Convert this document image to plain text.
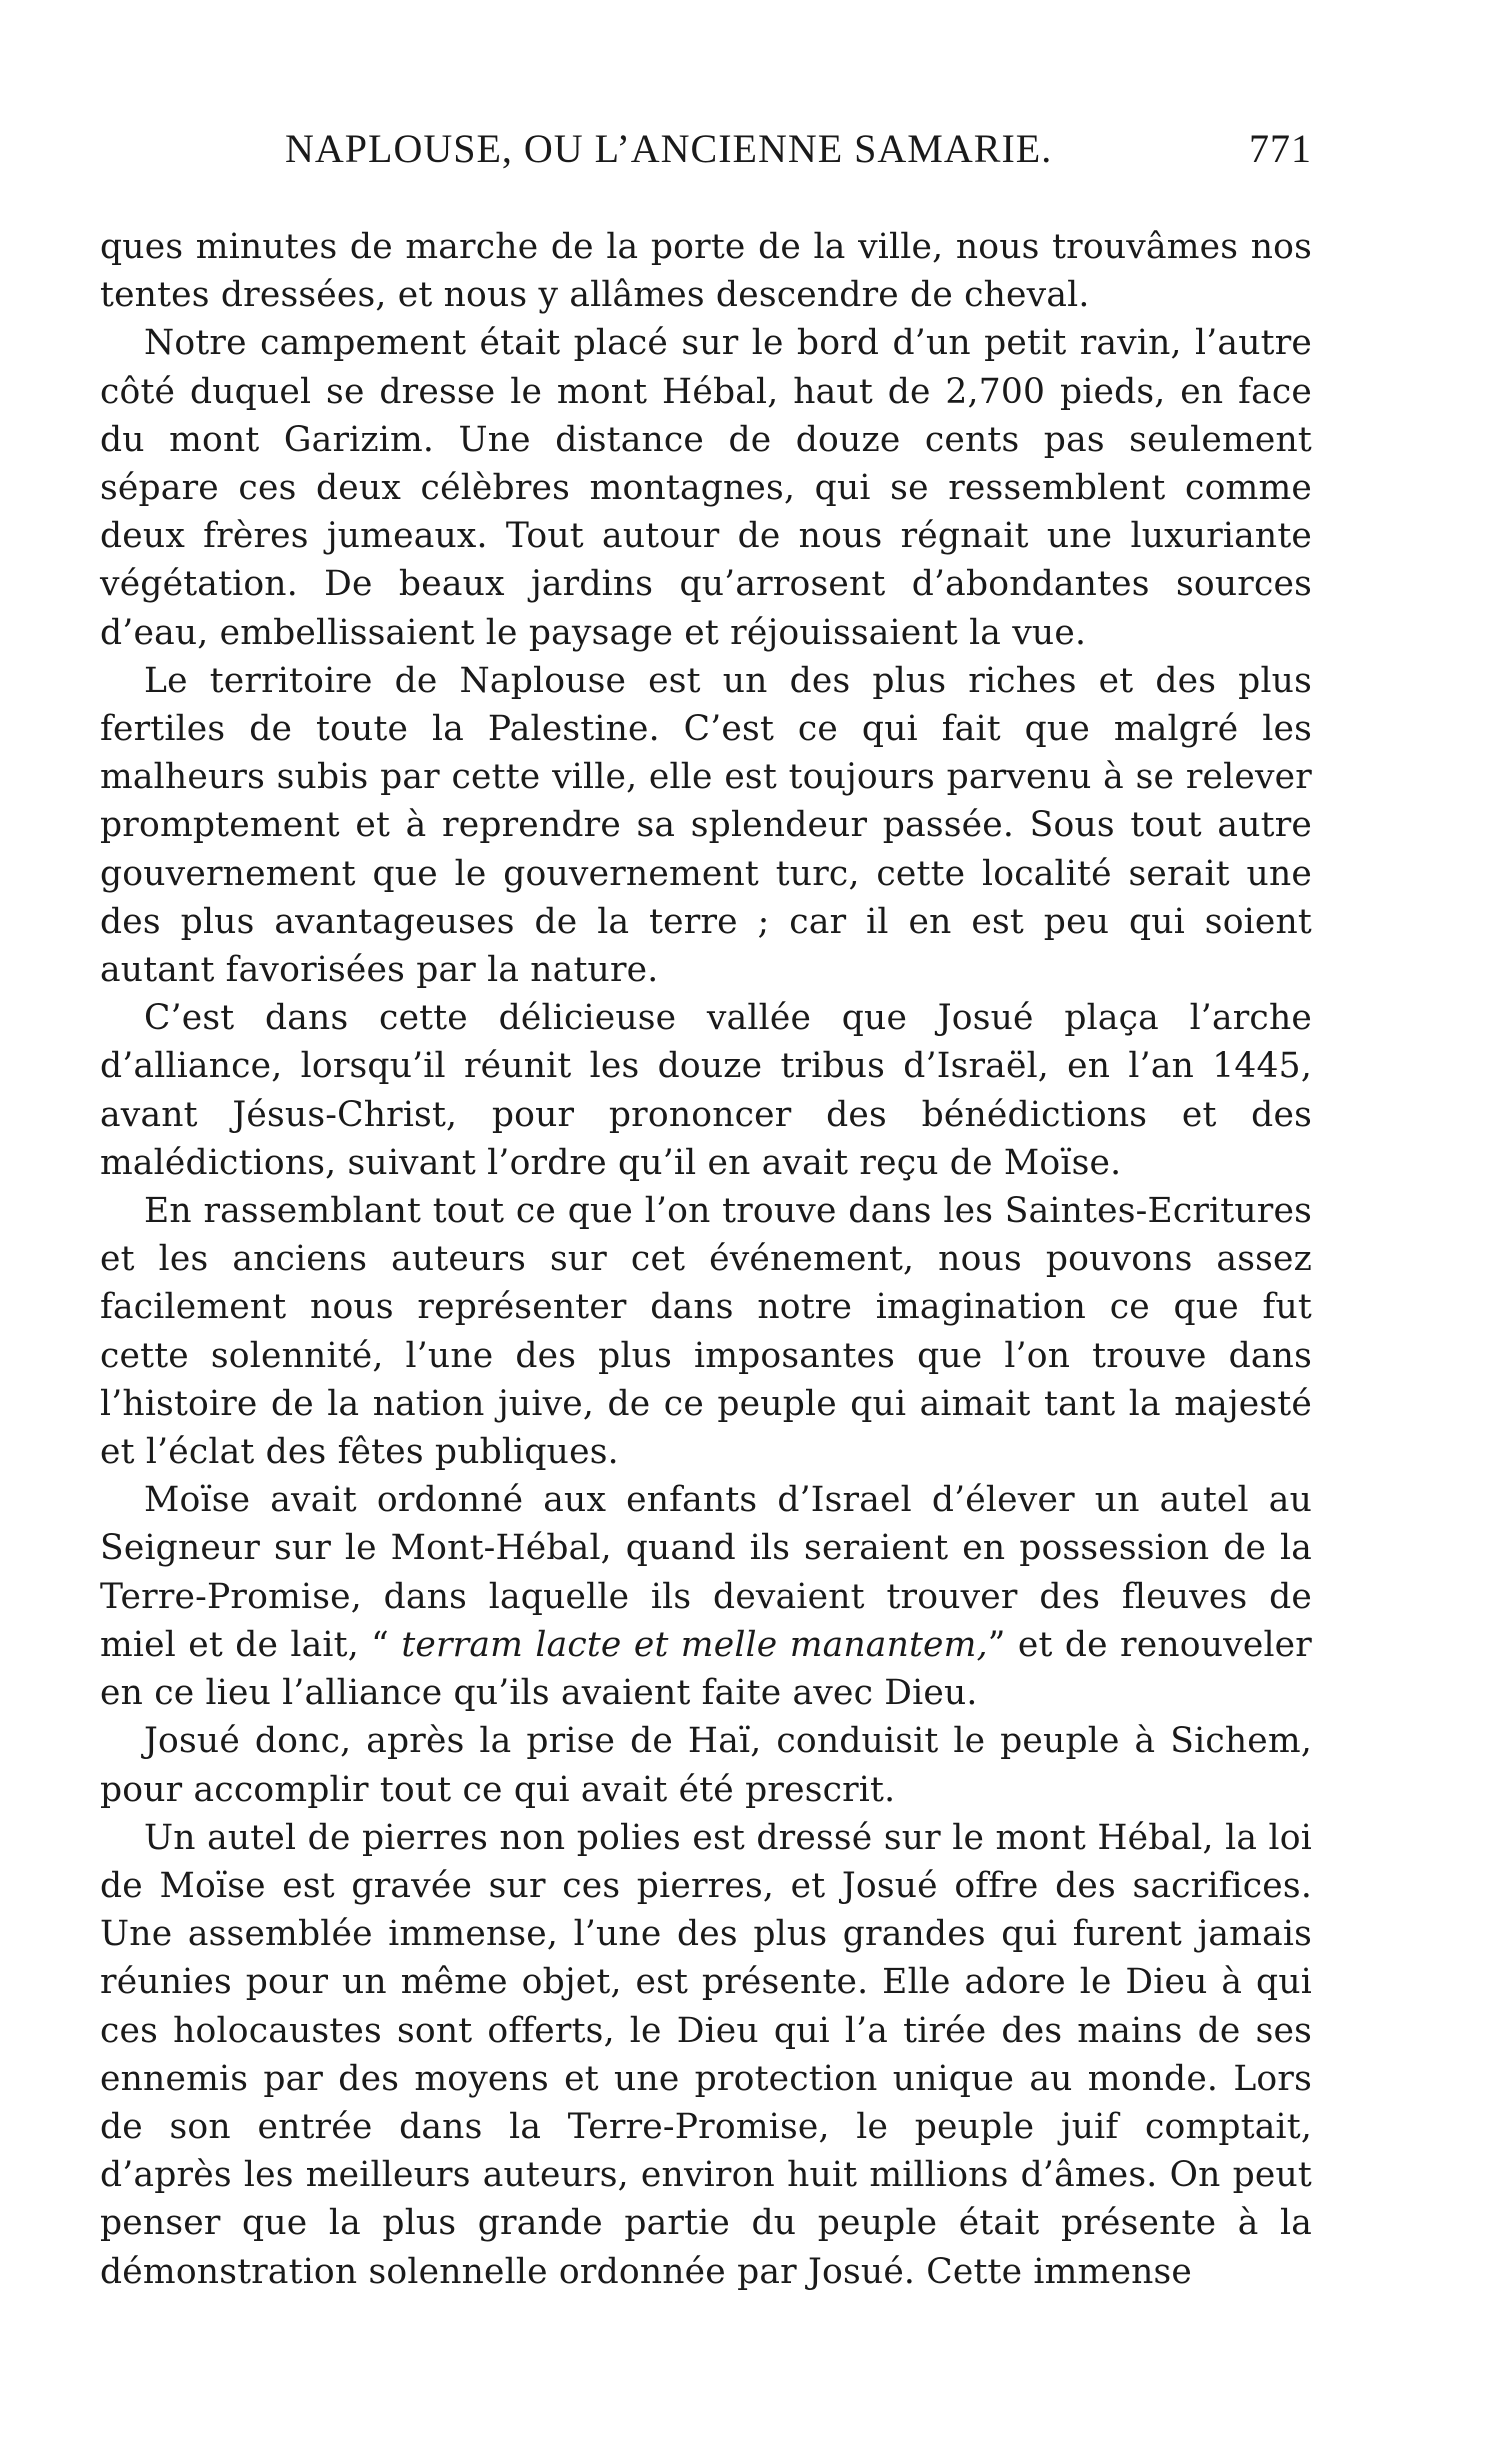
NAPLOUSE, OU L’ANCIENNE SAMARIE.	771

ques minutes de marche de la porte de la ville, nous trouvâmes nos tentes dressées, et nous y allâmes descendre de cheval.

Notre campement était placé sur le bord d’un petit ravin, l’autre côté duquel se dresse le mont Hébal, haut de 2,700 pieds, en face du mont Garizim. Une distance de douze cents pas seulement sépare ces deux célèbres montagnes, qui se ressemblent comme deux frères jumeaux. Tout autour de nous régnait une luxuriante végétation. De beaux jardins qu’arrosent d’abondantes sources d’eau, embellissaient le paysage et réjouissaient la vue.

Le territoire de Naplouse est un des plus riches et des plus fertiles de toute la Palestine. C’est ce qui fait que malgré les malheurs subis par cette ville, elle est toujours parvenu à se relever promptement et à reprendre sa splendeur passée. Sous tout autre gouvernement que le gouvernement turc, cette localité serait une des plus avantageuses de la terre ; car il en est peu qui soient autant favorisées par la nature.

C’est dans cette délicieuse vallée que Josué plaça l’arche d’alliance, lorsqu’il réunit les douze tribus d’Israël, en l’an 1445, avant Jésus-Christ, pour prononcer des bénédictions et des malédictions, suivant l’ordre qu’il en avait reçu de Moïse.

En rassemblant tout ce que l’on trouve dans les Saintes-Ecritures et les anciens auteurs sur cet événement, nous pouvons assez facilement nous représenter dans notre imagination ce que fut cette solennité, l’une des plus imposantes que l’on trouve dans l’histoire de la nation juive, de ce peuple qui aimait tant la majesté et l’éclat des fêtes publiques.

Moïse avait ordonné aux enfants d’Israel d’élever un autel au Seigneur sur le Mont-Hébal, quand ils seraient en possession de la Terre-Promise, dans laquelle ils devaient trouver des fleuves de miel et de lait, “ terram lacte et melle manantem,” et de renouveler en ce lieu l’alliance qu’ils avaient faite avec Dieu.

Josué donc, après la prise de Haï, conduisit le peuple à Sichem, pour accomplir tout ce qui avait été prescrit.

Un autel de pierres non polies est dressé sur le mont Hébal, la loi de Moïse est gravée sur ces pierres, et Josué offre des sacrifices. Une assemblée immense, l’une des plus grandes qui furent jamais réunies pour un même objet, est présente. Elle adore le Dieu à qui ces holocaustes sont offerts, le Dieu qui l’a tirée des mains de ses ennemis par des moyens et une protection unique au monde. Lors de son entrée dans la Terre-Promise, le peuple juif comptait, d’après les meilleurs auteurs, environ huit millions d’âmes. On peut penser que la plus grande partie du peuple était présente à la démonstration solennelle ordonnée par Josué. Cette immense
